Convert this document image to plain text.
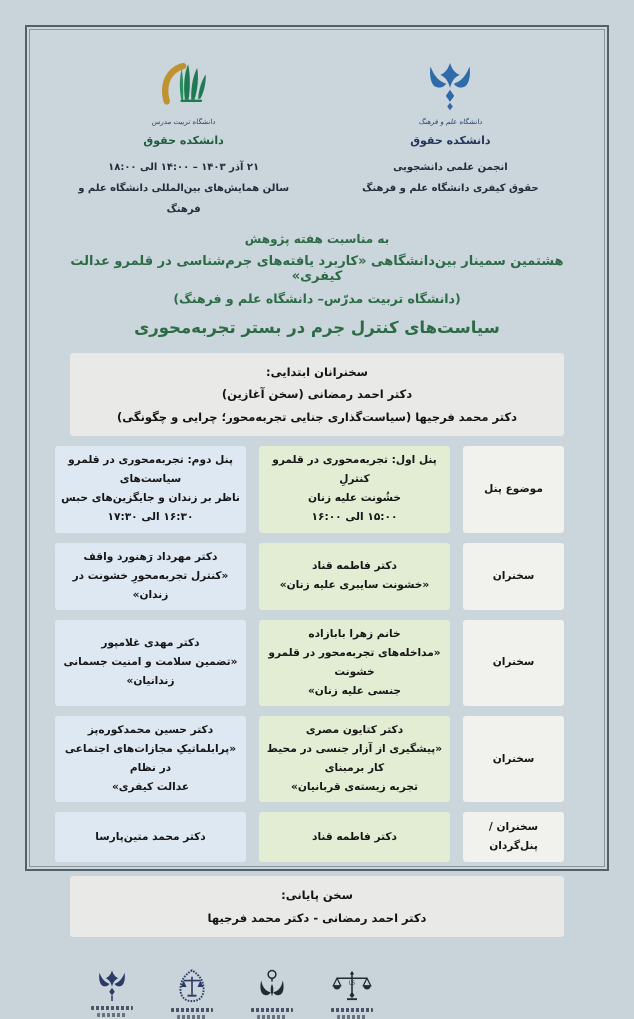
دانشگاه علم و فرهنگ
دانشکده حقوق
انجمن علمی دانشجویی
حقوق کیفری دانشگاه علم و فرهنگ
دانشگاه تربیت مدرس
دانشکده حقوق
۲۱ آذر ۱۴۰۳ – ۱۴:۰۰ الی ۱۸:۰۰
سالن همایش‌های بین‌المللی دانشگاه علم و فرهنگ
به مناسبت هفته پژوهش
هشتمین سمینار بین‌دانشگاهی «کاربرد یافته‌های جرم‌شناسی در قلمرو عدالت کیفری»
(دانشگاه تربیت مدرّس– دانشگاه علم و فرهنگ)
سیاست‌های کنترل جرم در بستر تجربه‌محوری
سخنرانان ابتدایی:
دکتر احمد رمضانی (سخن آغازین)
دکتر محمد فرجیها (سیاست‌گذاری جنایی تجربه‌محور؛ چرایی و چگونگی)
موضوع پنل
پنل اول: تجربه‌محوری در قلمرو کنترلِ
خشُونت علیه زنان
۱۵:۰۰ الی ۱۶:۰۰
پنل دوم: تجربه‌محوری در قلمرو سیاست‌های
ناظر بر زندان و جایگزین‌های حبس
۱۶:۳۰ الی ۱۷:۳۰
سخنران
دکتر فاطمه قناد
«خشونت سایبری علیه زنان»
دکتر مهرداد رَهنورد واقف
«کنترل تجربه‌محورِ خشونت در زندان»
سخنران
خانم زهرا بابازاده
«مداخله‌های تجربه‌محور در قلمرو خشونت
جنسی علیه زنان»
دکتر مهدی غلامپور
«تضمین سلامت و امنیت جسمانی زندانیان»
سخنران
دکتر کتایون مصری
«پیشگیری از آزار جنسی در محیط کار برمبنای
تجربه زیسته‌ی قربانیان»
دکتر حسین محمدکوره‌پز
«پرابلماتیکِ مجازات‌های اجتماعی در نظام
عدالت کیفری»
سخنران / پنل‌گردان
دکتر فاطمه قناد
دکتر محمد متین‌پارسا
سخن پایانی:
دکتر احمد رمضانی - دکتر محمد فرجیها
LS
